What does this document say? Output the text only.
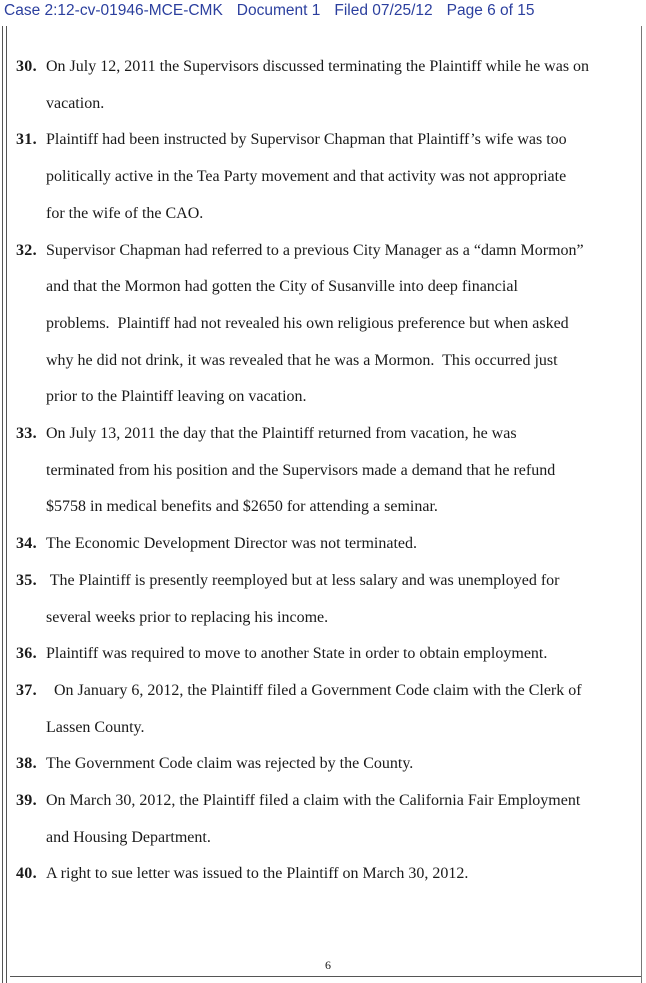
Case 2:12-cv-01946-MCE-CMK Document 1 Filed 07/25/12 Page 6 of 15
30. On July 12, 2011 the Supervisors discussed terminating the Plaintiff while he was on
vacation.
31. Plaintiff had been instructed by Supervisor Chapman that Plaintiff’s wife was too
politically active in the Tea Party movement and that activity was not appropriate
for the wife of the CAO.
32. Supervisor Chapman had referred to a previous City Manager as a “damn Mormon”
and that the Mormon had gotten the City of Susanville into deep financial
problems.  Plaintiff had not revealed his own religious preference but when asked
why he did not drink, it was revealed that he was a Mormon.  This occurred just
prior to the Plaintiff leaving on vacation.
33. On July 13, 2011 the day that the Plaintiff returned from vacation, he was
terminated from his position and the Supervisors made a demand that he refund
$5758 in medical benefits and $2650 for attending a seminar.
34. The Economic Development Director was not terminated.
35. The Plaintiff is presently reemployed but at less salary and was unemployed for
several weeks prior to replacing his income.
36. Plaintiff was required to move to another State in order to obtain employment.
37. On January 6, 2012, the Plaintiff filed a Government Code claim with the Clerk of
Lassen County.
38. The Government Code claim was rejected by the County.
39. On March 30, 2012, the Plaintiff filed a claim with the California Fair Employment
and Housing Department.
40. A right to sue letter was issued to the Plaintiff on March 30, 2012.
6
